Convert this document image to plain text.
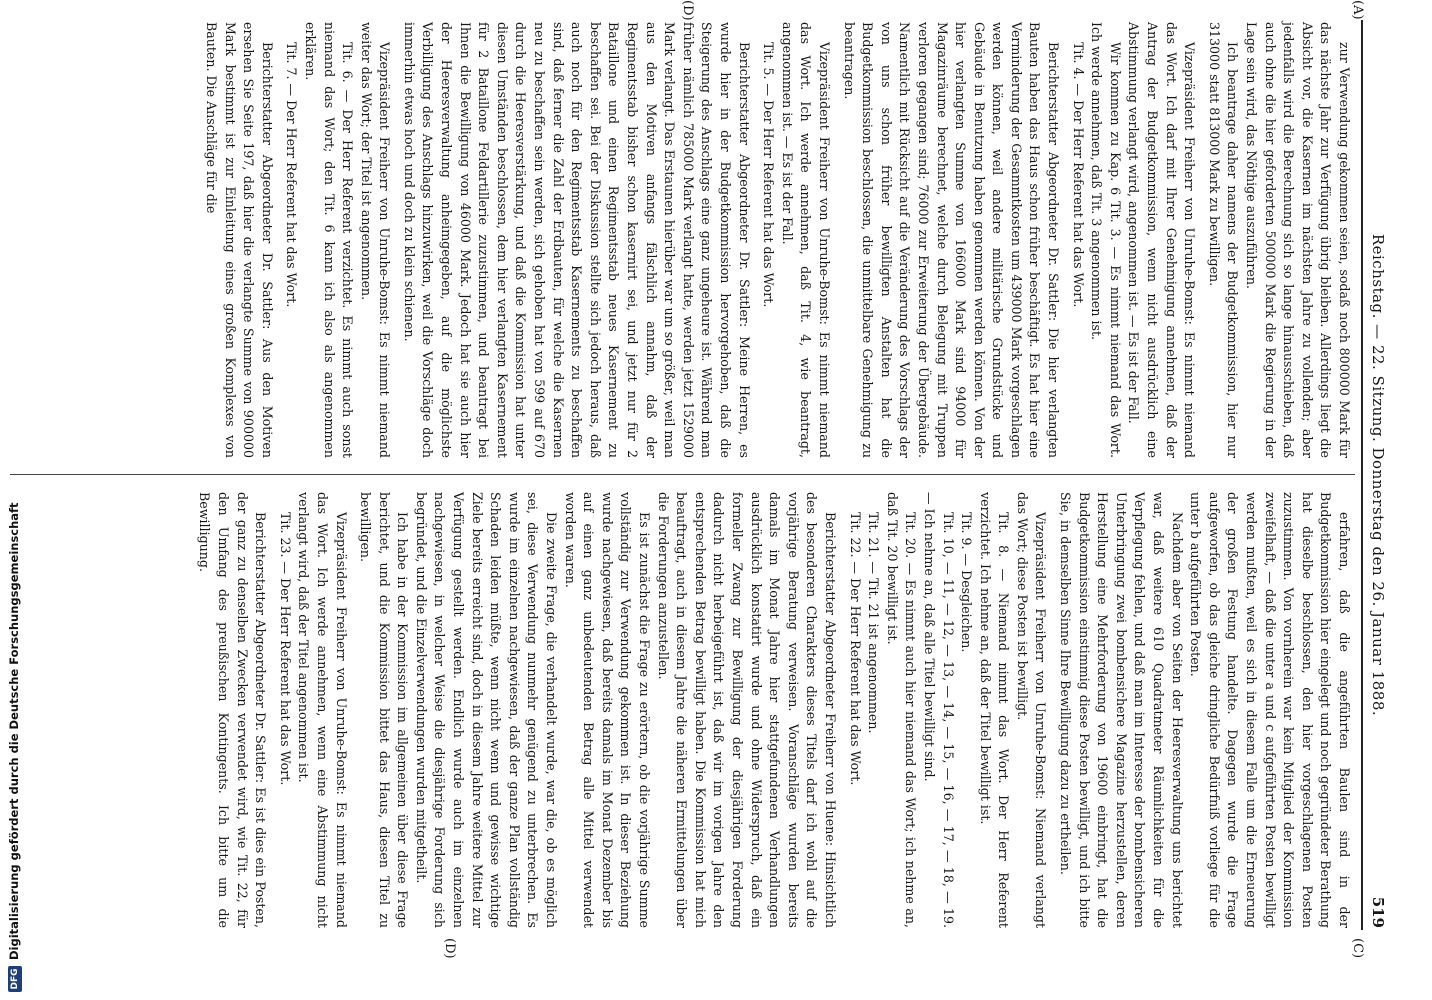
Reichstag. — 22. Sitzung. Donnerstag den 26. Januar 1888.
519
(C)
(D)
(A)
(D)

erfahren, daß die angeführten Baulen sind in der Budgetkommission hier eingelegt und noch gegründeter Berathung hat dieselbe beschlossen, den hier vorgeschlagenen Posten zuzustimmen. Von vornherein war kein Mitglied der Kommission zweifelhaft, — daß die unter a und c aufgeführten Posten bewilligt werden mußten, weil es sich in diesem Falle um die Erneuerung der großen Festung handelte. Dagegen wurde die Frage aufgeworfen, ob das gleiche dringliche Bedürfniß vorliege für die unter b aufgeführten Posten.

Nachdem aber von Seiten der Heeresverwaltung uns berichtet war, daß weitere 610 Quadratmeter Räumlichkeiten für die Verpflegung fehlen, und daß man im Interesse der bombensicheren Unterbringung zwei bombensichere Magazine herzustellen, deren Herstellung eine Mehrforderung von 19600 einbringt, hat die Budgetkommission einstimmig diese Posten bewilligt, und ich bitte Sie, in demselben Sinne Ihre Bewilligung dazu zu ertheilen.

Vizepräsident Freiherr von Unruhe-Bomst: Niemand verlangt das Wort; diese Posten ist bewilligt.

Tit. 8. — Niemand nimmt das Wort. Der Herr Referent verzichtet. Ich nehme an, daß der Titel bewilligt ist.

Tit. 9. — Desgleichen.

Tit. 10, — 11, — 12, — 13, — 14, — 15, — 16, — 17, — 18, — 19. — Ich nehme an, daß alle Titel bewilligt sind.

Tit. 20. — Es nimmt auch hier niemand das Wort; ich nehme an, daß Tit. 20 bewilligt ist.

Tit. 21. — Tit. 21 ist angenommen.

Tit. 22. — Der Herr Referent hat das Wort.

Berichterstatter Abgeordneter Freiherr von Huene: Hinsichtlich des besonderen Charakters dieses Titels darf ich wohl auf die vorjährige Beratung verweisen. Voranschläge wurden bereits damals im Monat Jahre hier stattgefundenen Verhandlungen ausdrücklich konstatirt wurde und ohne Widerspruch, daß ein formeller Zwang zur Bewilligung der diesjährigen Forderung dadurch nicht herbeigeführt ist, daß wir im vorigen Jahre den entsprechenden Betrag bewilligt haben. Die Kommission hat mich beauftragt, auch in diesem Jahre die näheren Ermittelungen über die Forderungen anzustellen.

Es ist zunächst die Frage zu erörtern, ob die vorjährige Summe vollständig zur Verwendung gekommen ist. In dieser Beziehung wurde nachgewiesen, daß bereits damals im Monat Dezember bis auf einen ganz unbedeutenden Betrag alle Mittel verwendet worden waren.

Die zweite Frage, die verhandelt wurde, war die, ob es möglich sei, diese Verwendung nunmehr genügend zu unterbrechen. Es wurde im einzelnen nachgewiesen, daß der ganze Plan vollständig Schaden leiden müßte, wenn nicht wenn und gewisse wichtige Ziele bereits erreicht sind, doch in diesem Jahre weitere Mittel zur Verfügung gestellt werden. Endlich wurde auch im einzelnen nachgewiesen, in welcher Weise die diesjährige Forderung sich begründet, und die Einzelverwendungen wurden mitgetheilt.

Ich habe in der Kommission im allgemeinen über diese Frage berichtet, und die Kommission bittet das Haus, diesen Titel zu bewilligen.

Vizepräsident Freiherr von Unruhe-Bomst: Es nimmt niemand das Wort. Ich werde annehmen, wenn eine Abstimmung nicht verlangt wird, daß der Titel angenommen ist.

Tit. 23. — Der Herr Referent hat das Wort.

Berichterstatter Abgeordneter Dr. Sattler: Es ist dies ein Posten, der ganz zu denselben Zwecken verwendet wird, wie Tit. 22, für den Umfang des preußischen Kontingents. Ich bitte um die Bewilligung.

zur Verwendung gekommen seien, sodaß noch 800000 Mark für das nächste Jahr zur Verfügung übrig bleiben. Allerdings liegt die Absicht vor, die Kasernen im nächsten Jahre zu vollenden; aber jedenfalls wird die Berechnung sich so lange hinausschieben, daß auch ohne die hier geforderten 500000 Mark die Regierung in der Lage sein wird, das Nöthige auszuführen.

Ich beantrage daher namens der Budgetkommission, hier nur 313000 statt 813000 Mark zu bewilligen.

Vizepräsident Freiherr von Unruhe-Bomst: Es nimmt niemand das Wort. Ich darf mit Ihrer Genehmigung annehmen, daß der Antrag der Budgetkommission, wenn nicht ausdrücklich eine Abstimmung verlangt wird, angenommen ist. — Es ist der Fall.

Wir kommen zu Kap. 6 Tit. 3. — Es nimmt niemand das Wort. Ich werde annehmen, daß Tit. 3 angenommen ist.

Tit. 4. — Der Herr Referent hat das Wort.

Berichterstatter Abgeordneter Dr. Sattler: Die hier verlangten Bauten haben das Haus schon früher beschäftigt. Es hat hier eine Verminderung der Gesammtkosten um 439000 Mark vorgeschlagen werden können, weil andere militärische Grundstücke und Gebäude in Benutzung haben genommen werden können. Von der hier verlangten Summe von 166000 Mark sind 94000 für Magazinräume berechnet, welche durch Belegung mit Truppen verloren gegangen sind; 76000 zur Erweiterung der Übergebäude. Namentlich mit Rücksicht auf die Veränderung des Vorschlags der von uns schon früher bewilligten Anstalten hat die Budgetkommission beschlossen, die unmittelbare Genehmigung zu beantragen.

Vizepräsident Freiherr von Unruhe-Bomst: Es nimmt niemand das Wort. Ich werde annehmen, daß Tit. 4, wie beantragt, angenommen ist. — Es ist der Fall.

Tit. 5. — Der Herr Referent hat das Wort.

Berichterstatter Abgeordneter Dr. Sattler: Meine Herren, es wurde hier in der Budgetkommission hervorgehoben, daß die Steigerung des Anschlags eine ganz ungeheure ist. Während man früher nämlich 785000 Mark verlangt hatte, werden jetzt 1529000 Mark verlangt. Das Erstaunen hierüber war um so größer, weil man aus den Motiven anfangs fälschlich annahm, daß der Regimentsstab bisher schon kasernirt sei, und jetzt nur für 2 Bataillone und einen Regimentsstab neues Kasernement zu beschaffen sei. Bei der Diskussion stellte sich jedoch heraus, daß auch noch für den Regimentsstab Kasernements zu beschaffen sind, daß ferner die Zahl der Erdbauten, für welche die Kasernen neu zu beschaffen sein werden, sich gehoben hat von 599 auf 670 durch die Heeresverstärkung, und daß die Kommission hat unter diesen Umständen beschlossen, dem hier verlangten Kasernement für 2 Bataillone Feldartillerie zuzustimmen, und beantragt bei Ihnen die Bewilligung von 46000 Mark. Jedoch hat sie auch hier der Heeresverwaltung anheimgegeben, auf die möglichste Verbilligung des Anschlags hinzuwirken, weil die Vorschläge doch immerhin etwas hoch und doch zu klein schienen.

Vizepräsident Freiherr von Unruhe-Bomst: Es nimmt niemand weiter das Wort; der Titel ist angenommen.

Tit. 6. — Der Herr Referent verzichtet. Es nimmt auch sonst niemand das Wort; den Tit. 6 kann ich also als angenommen erklären.

Tit. 7. — Der Herr Referent hat das Wort.

Berichterstatter Abgeordneter Dr. Sattler: Aus den Motiven ersehen Sie Seite 197, daß hier die verlangte Summe von 900000 Mark bestimmt ist zur Einleitung eines großen Komplexes von Bauten. Die Anschläge für die

DFGDigitalisierung gefördert durch die Deutsche Forschungsgemeinschaft
